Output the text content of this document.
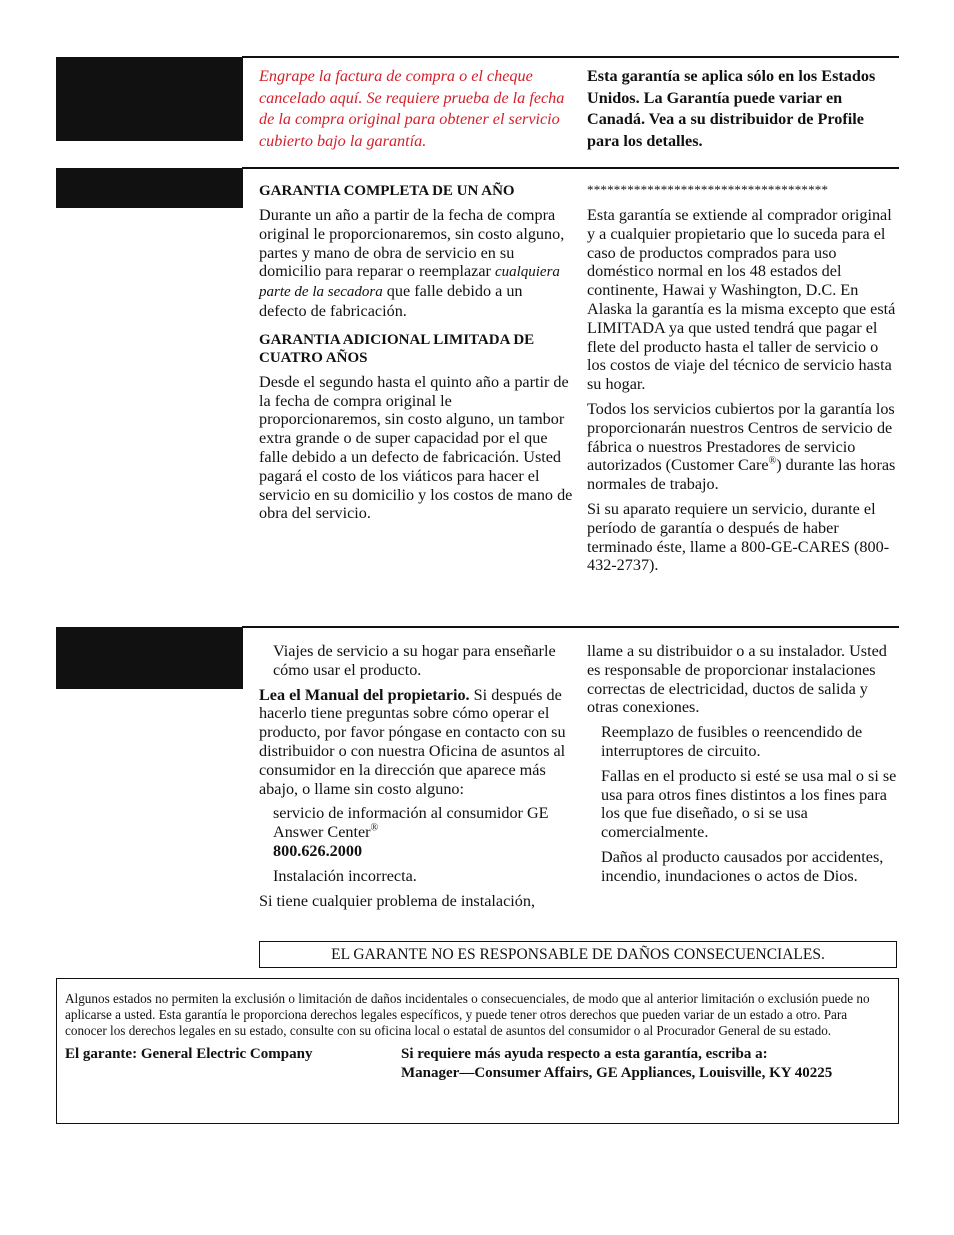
Engrape la factura de compra o el cheque cancelado aquí. Se requiere prueba de la fecha de la compra original para obtener el servicio cubierto bajo la garantía.

Esta garantía se aplica sólo en los Estados Unidos. La Garantía puede variar en Canadá. Vea a su distribuidor de Profile para los detalles.

GARANTIA COMPLETA DE UN AÑO

Durante un año a partir de la fecha de compra original le proporcionaremos, sin costo alguno, partes y mano de obra de servicio en su domicilio para reparar o reemplazar cualquiera parte de la secadora que falle debido a un defecto de fabricación.

GARANTIA ADICIONAL LIMITADA DE CUATRO AÑOS

Desde el segundo hasta el quinto año a partir de la fecha de compra original le proporcionaremos, sin costo alguno, un tambor extra grande o de super capacidad por el que falle debido a un defecto de fabricación. Usted pagará el costo de los viáticos para hacer el servicio en su domicilio y los costos de mano de obra del servicio.

************************************

Esta garantía se extiende al comprador original y a cualquier propietario que lo suceda para el caso de productos comprados para uso doméstico normal en los 48 estados del continente, Hawai y Washington, D.C. En Alaska la garantía es la misma excepto que está LIMITADA ya que usted tendrá que pagar el flete del producto hasta el taller de servicio o los costos de viaje del técnico de servicio hasta su hogar.

Todos los servicios cubiertos por la garantía los proporcionarán nuestros Centros de servicio de fábrica o nuestros Prestadores de servicio autorizados (Customer Care®) durante las horas normales de trabajo.

Si su aparato requiere un servicio, durante el período de garantía o después de haber terminado éste, llame a 800-GE-CARES (800-432-2737).

Viajes de servicio a su hogar para enseñarle cómo usar el producto.

Lea el Manual del propietario. Si después de hacerlo tiene preguntas sobre cómo operar el producto, por favor póngase en contacto con su distribuidor o con nuestra Oficina de asuntos al consumidor en la dirección que aparece más abajo, o llame sin costo alguno:

servicio de información al consumidor GE Answer Center®
800.626.2000

Instalación incorrecta.

Si tiene cualquier problema de instalación,

llame a su distribuidor o a su instalador. Usted es responsable de proporcionar instalaciones correctas de electricidad, ductos de salida y otras conexiones.

Reemplazo de fusibles o reencendido de interruptores de circuito.

Fallas en el producto si esté se usa mal o si se usa para otros fines distintos a los fines para los que fue diseñado, o si se usa comercialmente.

Daños al producto causados por accidentes, incendio, inundaciones o actos de Dios.

EL GARANTE NO ES RESPONSABLE DE DAÑOS CONSECUENCIALES.
Algunos estados no permiten la exclusión o limitación de daños incidentales o consecuenciales, de modo que al anterior limitación o exclusión puede no aplicarse a usted. Esta garantía le proporciona derechos legales específicos, y puede tener otros derechos que pueden variar de un estado a otro. Para conocer los derechos legales en su estado, consulte con su oficina local o estatal de asuntos del consumidor o al Procurador General de su estado.
El garante: General Electric Company	Si requiere más ayuda respecto a esta garantía, escriba a:
Manager—Consumer Affairs, GE Appliances, Louisville, KY 40225
